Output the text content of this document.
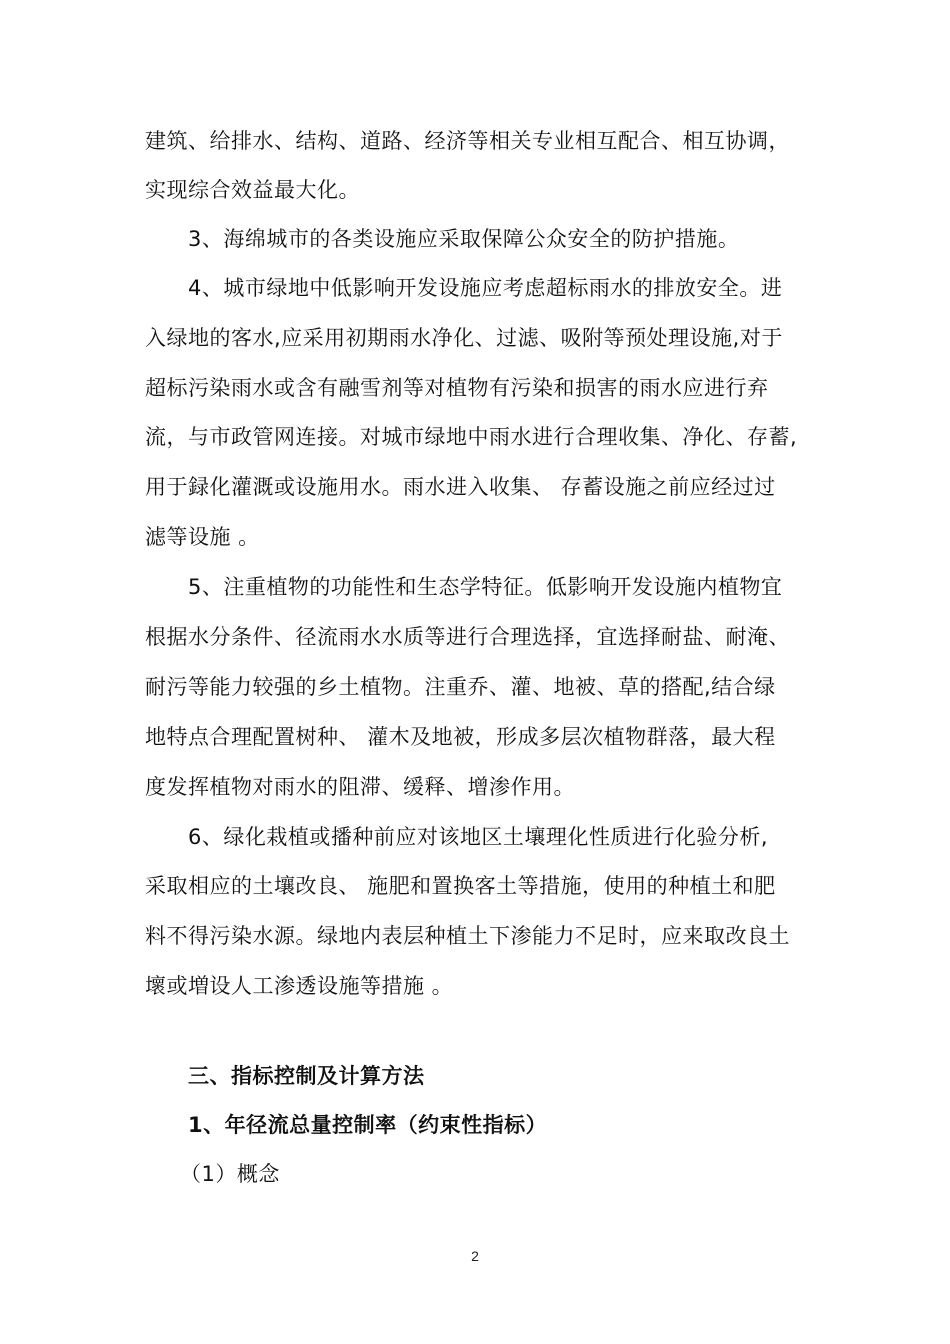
建筑、给排水、结构、道路、经济等相关专业相互配合、相互协调，
实现综合效益最大化。
3、海绵城市的各类设施应采取保障公众安全的防护措施。
4、城市绿地中低影响开发设施应考虑超标雨水的排放安全。进
入绿地的客水,应采用初期雨水净化、过滤、吸附等预处理设施,对于
超标污染雨水或含有融雪剂等对植物有污染和损害的雨水应进行弃
流，与市政管网连接。对城市绿地中雨水进行合理收集、净化、存蓄,
用于録化灌溉或设施用水。雨水进入收集、 存蓄设施之前应经过过
滤等设施 。
5、注重植物的功能性和生态学特征。低影响开发设施内植物宜
根据水分条件、径流雨水水质等进行合理选择，宜选择耐盐、耐淹、
耐污等能力较强的乡土植物。注重乔、灌、地被、草的搭配,结合绿
地特点合理配置树种、 灌木及地被，形成多层次植物群落，最大程
度发挥植物对雨水的阻滞、缓释、增渗作用。
6、绿化栽植或播种前应对该地区土壤理化性质进行化验分析,
采取相应的土壤改良、 施肥和置换客土等措施，使用的种植土和肥
料不得污染水源。绿地内表层种植土下渗能力不足时，应来取改良土
壞或増设人工渗透设施等措施 。
三、指标控制及计算方法
1、年径流总量控制率（约束性指标）
（1）概念
2
